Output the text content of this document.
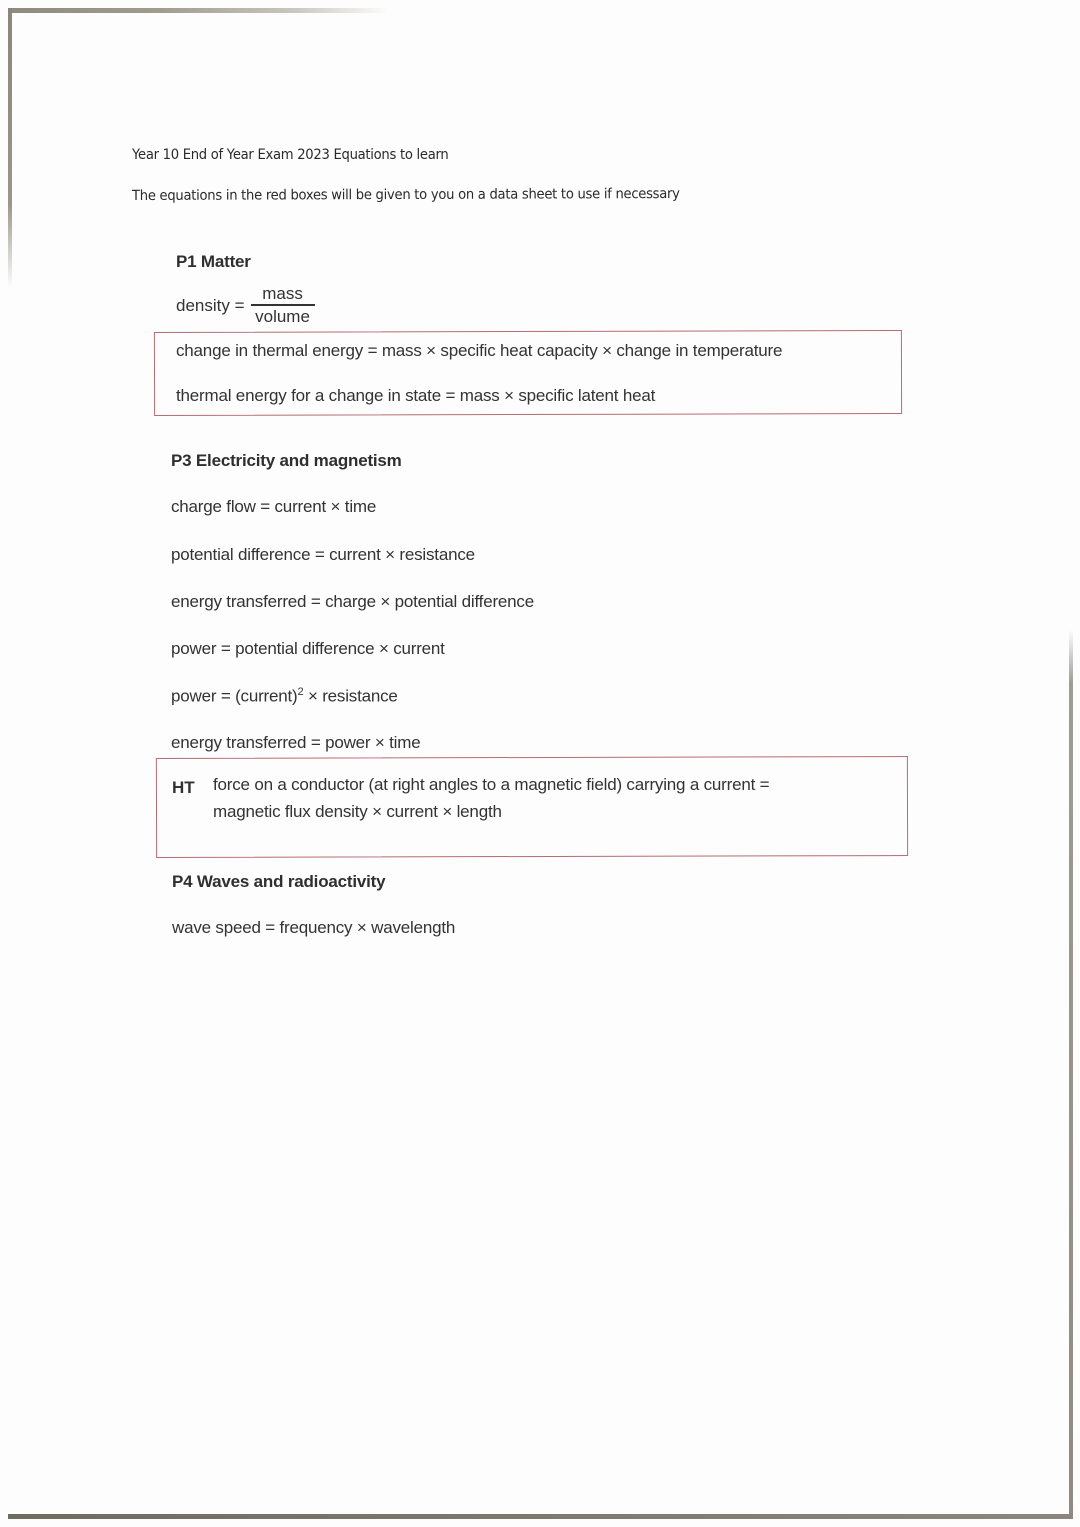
Year 10 End of Year Exam 2023 Equations to learn
The equations in the red boxes will be given to you on a data sheet to use if necessary
P1 Matter
density = $\frac{\text{mass}}{\text{volume}}$
change in thermal energy = mass × specific heat capacity × change in temperature
thermal energy for a change in state = mass × specific latent heat
P3 Electricity and magnetism
charge flow = current × time
potential difference = current × resistance
energy transferred = charge × potential difference
power = potential difference × current
power = (current)$^2$ × resistance
energy transferred = power × time
HT force on a conductor (at right angles to a magnetic field) carrying a current =
magnetic flux density × current × length
P4 Waves and radioactivity
wave speed = frequency × wavelength
